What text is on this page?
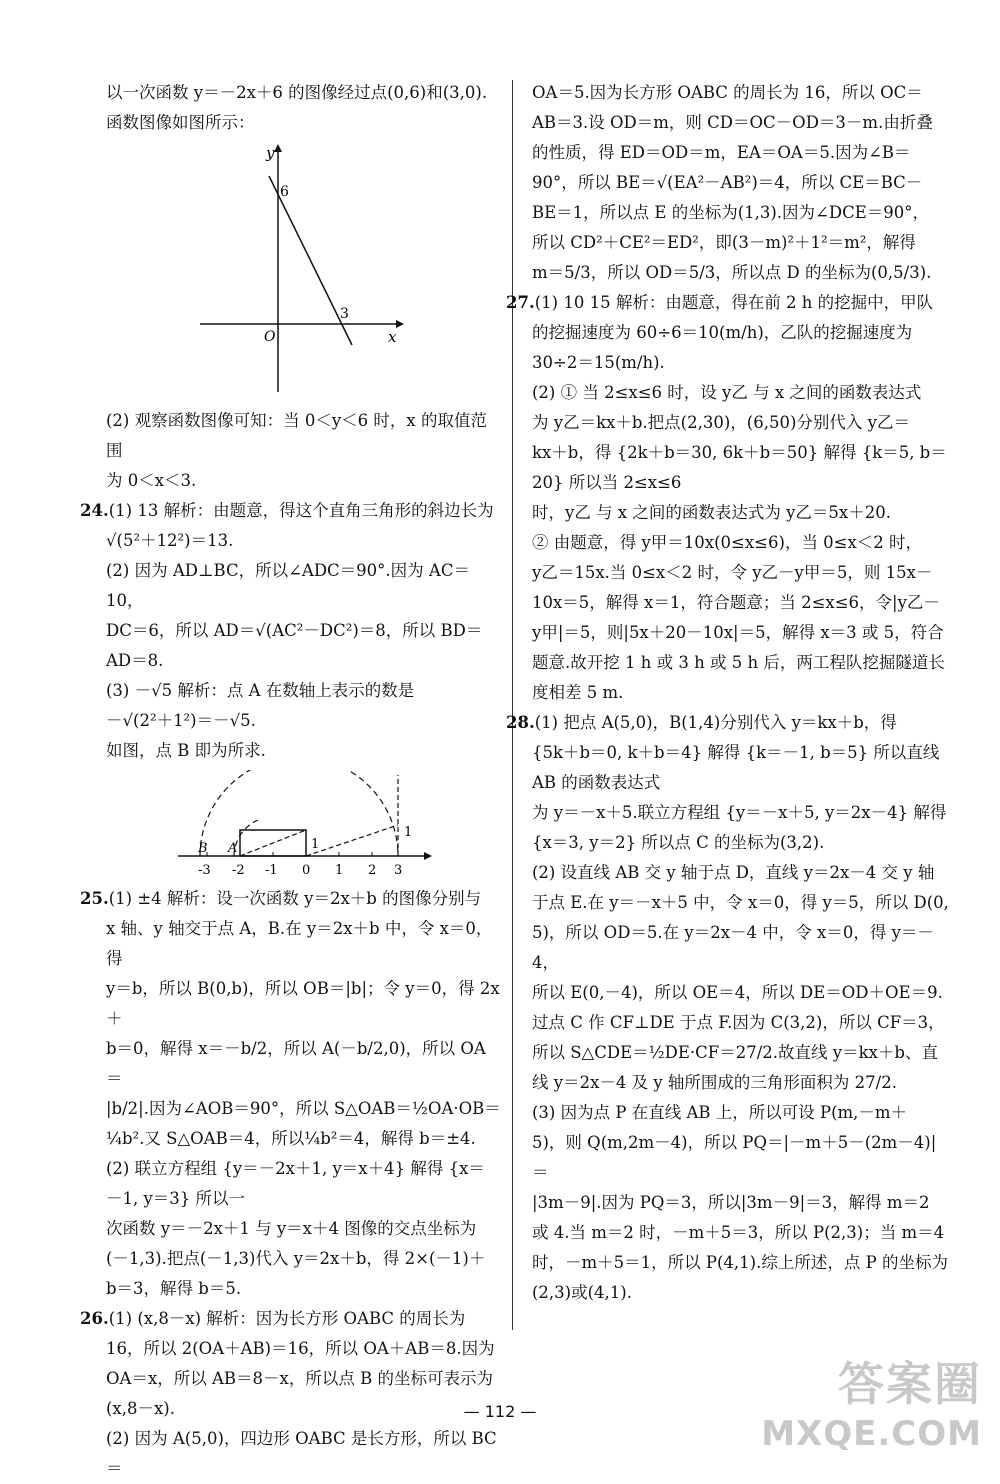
以一次函数 y＝－2x＋6 的图像经过点(0,6)和(3,0).

函数图像如图所示：

y
x
O
6
3

(2) 观察函数图像可知：当 0＜y＜6 时，x 的取值范围

为 0＜x＜3.

24.(1) 13 解析：由题意，得这个直角三角形的斜边长为

√(5²＋12²)＝13.

(2) 因为 AD⊥BC，所以∠ADC＝90°.因为 AC＝10，

DC＝6，所以 AD＝√(AC²－DC²)＝8，所以 BD＝

AD＝8.

(3) －√5 解析：点 A 在数轴上表示的数是

－√(2²＋1²)＝－√5.

如图，点 B 即为所求.

-3 -2 -1 0 1 2 3
B A	1
1

25.(1) ±4 解析：设一次函数 y＝2x＋b 的图像分别与

x 轴、y 轴交于点 A，B.在 y＝2x＋b 中，令 x＝0，得

y＝b，所以 B(0,b)，所以 OB＝|b|；令 y＝0，得 2x＋

b＝0，解得 x＝－b/2，所以 A(－b/2,0)，所以 OA＝

|b/2|.因为∠AOB＝90°，所以 S△OAB＝½OA·OB＝

¼b².又 S△OAB＝4，所以¼b²＝4，解得 b＝±4.

(2) 联立方程组 {y＝－2x＋1, y＝x＋4} 解得 {x＝－1, y＝3} 所以一

次函数 y＝－2x＋1 与 y＝x＋4 图像的交点坐标为

(－1,3).把点(－1,3)代入 y＝2x＋b，得 2×(－1)＋

b＝3，解得 b＝5.

26.(1) (x,8－x) 解析：因为长方形 OABC 的周长为

16，所以 2(OA＋AB)＝16，所以 OA＋AB＝8.因为

OA＝x，所以 AB＝8－x，所以点 B 的坐标可表示为

(x,8－x).

(2) 因为 A(5,0)，四边形 OABC 是长方形，所以 BC＝

OA＝5.因为长方形 OABC 的周长为 16，所以 OC＝

AB＝3.设 OD＝m，则 CD＝OC－OD＝3－m.由折叠

的性质，得 ED＝OD＝m，EA＝OA＝5.因为∠B＝

90°，所以 BE＝√(EA²－AB²)＝4，所以 CE＝BC－

BE＝1，所以点 E 的坐标为(1,3).因为∠DCE＝90°，

所以 CD²＋CE²＝ED²，即(3－m)²＋1²＝m²，解得

m＝5/3，所以 OD＝5/3，所以点 D 的坐标为(0,5/3).

27.(1) 10 15 解析：由题意，得在前 2 h 的挖掘中，甲队

的挖掘速度为 60÷6＝10(m/h)，乙队的挖掘速度为

30÷2＝15(m/h).

(2) ① 当 2≤x≤6 时，设 y乙 与 x 之间的函数表达式

为 y乙＝kx＋b.把点(2,30)，(6,50)分别代入 y乙＝

kx＋b，得 {2k＋b＝30, 6k＋b＝50} 解得 {k＝5, b＝20} 所以当 2≤x≤6

时，y乙 与 x 之间的函数表达式为 y乙＝5x＋20.

② 由题意，得 y甲＝10x(0≤x≤6)，当 0≤x＜2 时，

y乙＝15x.当 0≤x＜2 时，令 y乙－y甲＝5，则 15x－

10x＝5，解得 x＝1，符合题意；当 2≤x≤6，令|y乙－

y甲|＝5，则|5x＋20－10x|＝5，解得 x＝3 或 5，符合

题意.故开挖 1 h 或 3 h 或 5 h 后，两工程队挖掘隧道长

度相差 5 m.

28.(1) 把点 A(5,0)，B(1,4)分别代入 y＝kx＋b，得

{5k＋b＝0, k＋b＝4} 解得 {k＝－1, b＝5} 所以直线 AB 的函数表达式

为 y＝－x＋5.联立方程组 {y＝－x＋5, y＝2x－4} 解得

{x＝3, y＝2} 所以点 C 的坐标为(3,2).

(2) 设直线 AB 交 y 轴于点 D，直线 y＝2x－4 交 y 轴

于点 E.在 y＝－x＋5 中，令 x＝0，得 y＝5，所以 D(0,

5)，所以 OD＝5.在 y＝2x－4 中，令 x＝0，得 y＝－4，

所以 E(0,－4)，所以 OE＝4，所以 DE＝OD＋OE＝9.

过点 C 作 CF⊥DE 于点 F.因为 C(3,2)，所以 CF＝3，

所以 S△CDE＝½DE·CF＝27/2.故直线 y＝kx＋b、直

线 y＝2x－4 及 y 轴所围成的三角形面积为 27/2.

(3) 因为点 P 在直线 AB 上，所以可设 P(m,－m＋

5)，则 Q(m,2m－4)，所以 PQ＝|－m＋5－(2m－4)|＝

|3m－9|.因为 PQ＝3，所以|3m－9|＝3，解得 m＝2

或 4.当 m＝2 时，－m＋5＝3，所以 P(2,3)；当 m＝4

时，－m＋5＝1，所以 P(4,1).综上所述，点 P 的坐标为

(2,3)或(4,1).

— 112 —
答案圈
MXQE.COM
